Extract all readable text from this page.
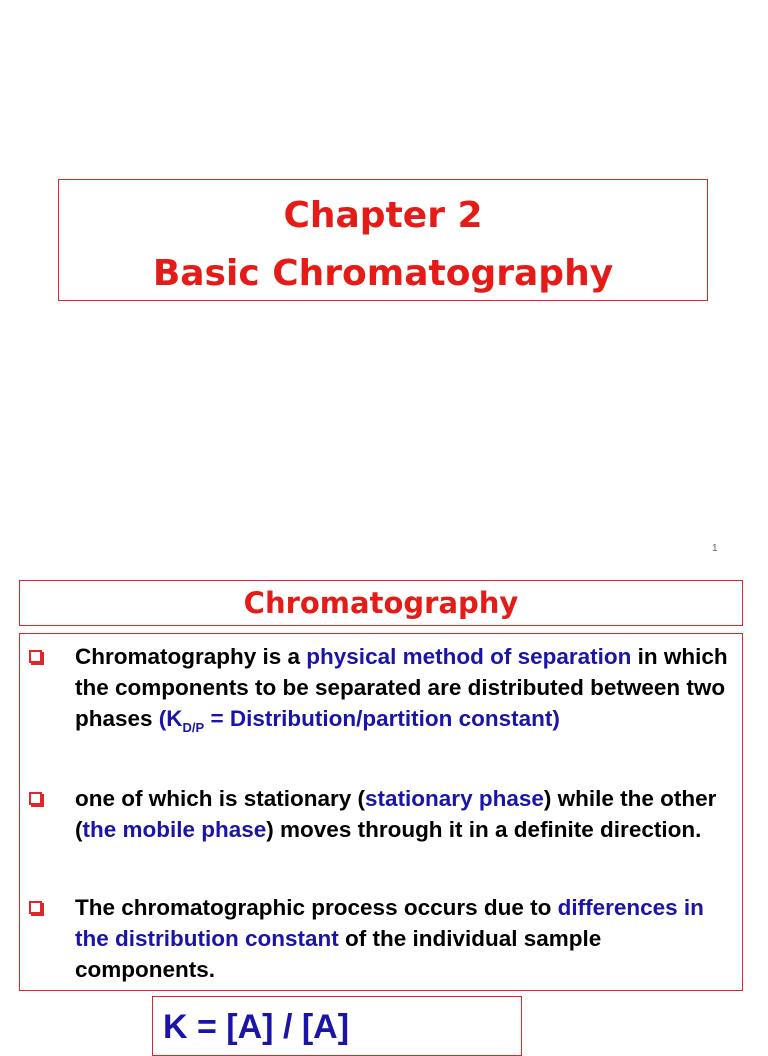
Chapter 2
Basic Chromatography
1
Chromatography
Chromatography is a physical method of separation in which the components to be separated are distributed between two phases ($K_{D/P}$ = Distribution/partition constant)
one of which is stationary (stationary phase) while the other (the mobile phase) moves through it in a definite direction.
The chromatographic process occurs due to differences in the distribution constant of the individual sample components.
K = [A] / [A]
